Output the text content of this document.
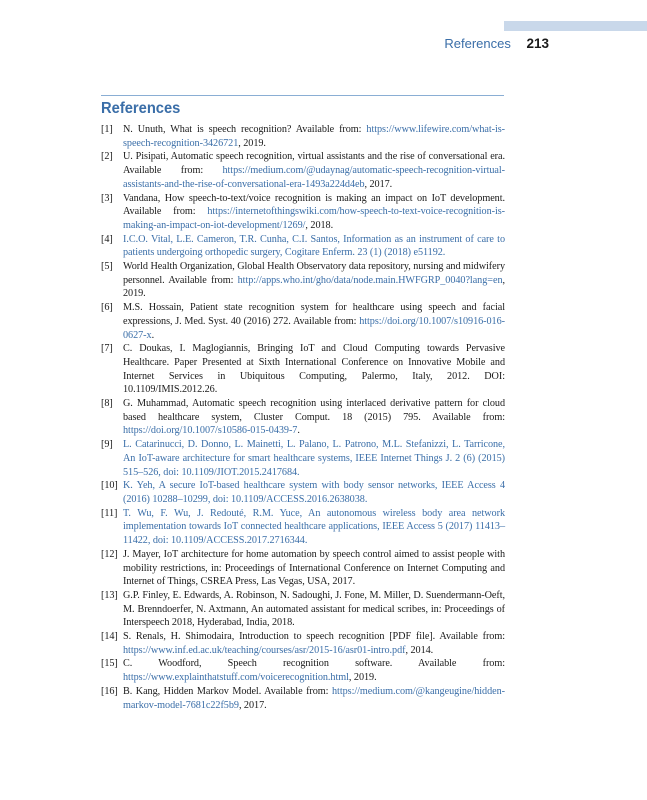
References 213
References
[1]	N. Unuth, What is speech recognition? Available from: https://www.lifewire.com/what-is-speech-recognition-3426721, 2019.
[2]	U. Pisipati, Automatic speech recognition, virtual assistants and the rise of conversational era. Available from: https://medium.com/@udaynag/automatic-speech-recognition-virtual-assistants-and-the-rise-of-conversational-era-1493a224d4eb, 2017.
[3]	Vandana, How speech-to-text/voice recognition is making an impact on IoT development. Available from: https://internetofthingswiki.com/how-speech-to-text-voice-recognition-is-making-an-impact-on-iot-development/1269/, 2018.
[4]	I.C.O. Vital, L.E. Cameron, T.R. Cunha, C.I. Santos, Information as an instrument of care to patients undergoing orthopedic surgery, Cogitare Enferm. 23 (1) (2018) e51192.
[5]	World Health Organization, Global Health Observatory data repository, nursing and midwifery personnel. Available from: http://apps.who.int/gho/data/node.main.HWFGRP_0040?lang=en, 2019.
[6]	M.S. Hossain, Patient state recognition system for healthcare using speech and facial expressions, J. Med. Syst. 40 (2016) 272. Available from: https://doi.org/10.1007/s10916-016-0627-x.
[7]	C. Doukas, I. Maglogiannis, Bringing IoT and Cloud Computing towards Pervasive Healthcare. Paper Presented at Sixth International Conference on Innovative Mobile and Internet Services in Ubiquitous Computing, Palermo, Italy, 2012. DOI: 10.1109/IMIS.2012.26.
[8]	G. Muhammad, Automatic speech recognition using interlaced derivative pattern for cloud based healthcare system, Cluster Comput. 18 (2015) 795. Available from: https://doi.org/10.1007/s10586-015-0439-7.
[9]	L. Catarinucci, D. Donno, L. Mainetti, L. Palano, L. Patrono, M.L. Stefanizzi, L. Tarricone, An IoT-aware architecture for smart healthcare systems, IEEE Internet Things J. 2 (6) (2015) 515–526, doi: 10.1109/JIOT.2015.2417684.
[10] K. Yeh, A secure IoT-based healthcare system with body sensor networks, IEEE Access 4 (2016) 10288–10299, doi: 10.1109/ACCESS.2016.2638038.
[11] T. Wu, F. Wu, J. Redouté, R.M. Yuce, An autonomous wireless body area network implementation towards IoT connected healthcare applications, IEEE Access 5 (2017) 11413–11422, doi: 10.1109/ACCESS.2017.2716344.
[12] J. Mayer, IoT architecture for home automation by speech control aimed to assist people with mobility restrictions, in: Proceedings of International Conference on Internet Computing and Internet of Things, CSREA Press, Las Vegas, USA, 2017.
[13] G.P. Finley, E. Edwards, A. Robinson, N. Sadoughi, J. Fone, M. Miller, D. Suendermann-Oeft, M. Brenndoerfer, N. Axtmann, An automated assistant for medical scribes, in: Proceedings of Interspeech 2018, Hyderabad, India, 2018.
[14] S. Renals, H. Shimodaira, Introduction to speech recognition [PDF file]. Available from: https://www.inf.ed.ac.uk/teaching/courses/asr/2015-16/asr01-intro.pdf, 2014.
[15] C. Woodford, Speech recognition software. Available from: https://www.explainthatstuff.com/voicerecognition.html, 2019.
[16] B. Kang, Hidden Markov Model. Available from: https://medium.com/@kangeugine/hidden-markov-model-7681c22f5b9, 2017.
